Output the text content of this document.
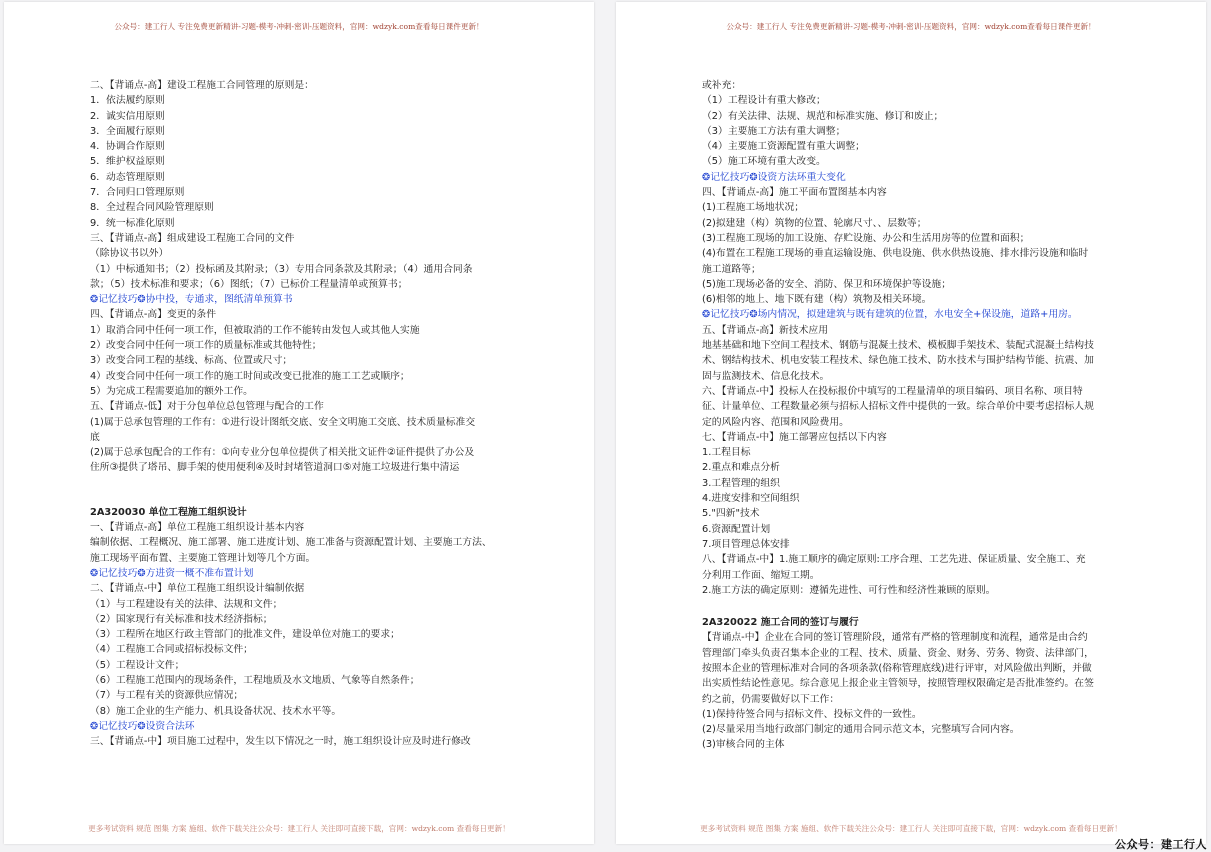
公众号：建工行人 专注免费更新精讲-习题-模考-冲刺-密训-压题资料，官网：wdzyk.com查看每日课件更新！
二、【背诵点-高】建设工程施工合同管理的原则是：
1．依法履约原则
2．诚实信用原则
3．全面履行原则
4．协调合作原则
5．维护权益原则
6．动态管理原则
7．合同归口管理原则
8．全过程合同风险管理原则
9．统一标准化原则
三、【背诵点-高】组成建设工程施工合同的文件
（除协议书以外）
（1）中标通知书；（2）投标函及其附录；（3）专用合同条款及其附录；（4）通用合同条
款；（5）技术标准和要求；（6）图纸；（7）已标价工程量清单或预算书；
❂记忆技巧❂协中投，专通求，图纸清单预算书
四、【背诵点-高】变更的条件
1）取消合同中任何一项工作，但被取消的工作不能转由发包人或其他人实施
2）改变合同中任何一项工作的质量标准或其他特性；
3）改变合同工程的基线、标高、位置或尺寸；
4）改变合同中任何一项工作的施工时间或改变已批准的施工工艺或顺序；
5）为完成工程需要追加的额外工作。
五、【背诵点-低】对于分包单位总包管理与配合的工作
(1)属于总承包管理的工作有：①进行设计图纸交底、安全文明施工交底、技术质量标准交
底
(2)属于总承包配合的工作有：①向专业分包单位提供了相关批文证件②证件提供了办公及
住所③提供了塔吊、脚手架的使用便利④及时封堵管道洞口⑤对施工垃圾进行集中清运
2A320030 单位工程施工组织设计
一、【背诵点-高】单位工程施工组织设计基本内容
编制依据、工程概况、施工部署、施工进度计划、施工准备与资源配置计划、主要施工方法、
施工现场平面布置、主要施工管理计划等几个方面。
❂记忆技巧❂方进资一概不准布置计划
二、【背诵点-中】单位工程施工组织设计编制依据
（1）与工程建设有关的法律、法规和文件；
（2）国家现行有关标准和技术经济指标；
（3）工程所在地区行政主管部门的批准文件，建设单位对施工的要求；
（4）工程施工合同或招标投标文件；
（5）工程设计文件；
（6）工程施工范围内的现场条件，工程地质及水文地质、气象等自然条件；
（7）与工程有关的资源供应情况；
（8）施工企业的生产能力、机具设备状况、技术水平等。
❂记忆技巧❂设资合法环
三、【背诵点-中】项目施工过程中，发生以下情况之一时，施工组织设计应及时进行修改
更多考试资料 规范 图集 方案 施组、软件下载关注公众号：建工行人 关注即可直接下载，官网：wdzyk.com 查看每日更新！
公众号：建工行人 专注免费更新精讲-习题-模考-冲刺-密训-压题资料，官网：wdzyk.com查看每日课件更新！
或补充：
（1）工程设计有重大修改；
（2）有关法律、法规、规范和标准实施、修订和废止；
（3）主要施工方法有重大调整；
（4）主要施工资源配置有重大调整；
（5）施工环境有重大改变。
❂记忆技巧❂设资方法环重大变化
四、【背诵点-高】施工平面布置图基本内容
(1)工程施工场地状况；
(2)拟建建（构）筑物的位置、轮廓尺寸、、层数等；
(3)工程施工现场的加工设施、存贮设施、办公和生活用房等的位置和面积；
(4)布置在工程施工现场的垂直运输设施、供电设施、供水供热设施、排水排污设施和临时
施工道路等；
(5)施工现场必备的安全、消防、保卫和环境保护等设施；
(6)相邻的地上、地下既有建（构）筑物及相关环境。
❂记忆技巧❂场内情况，拟建建筑与既有建筑的位置，水电安全+保设施，道路+用房。
五、【背诵点-高】新技术应用
地基基础和地下空间工程技术、钢筋与混凝土技术、模板脚手架技术、装配式混凝土结构技
术、钢结构技术、机电安装工程技术、绿色施工技术、防水技术与围护结构节能、抗震、加
固与监测技术、信息化技术。
六、【背诵点-中】投标人在投标报价中填写的工程量清单的项目编码、项目名称、项目特
征、计量单位、工程数量必须与招标人招标文件中提供的一致。综合单价中要考虑招标人规
定的风险内容、范围和风险费用。
七、【背诵点-中】施工部署应包括以下内容
1.工程目标
2.重点和难点分析
3.工程管理的组织
4.进度安排和空间组织
5."四新"技术
6.资源配置计划
7.项目管理总体安排
八、【背诵点-中】1.施工顺序的确定原则:工序合理、工艺先进、保证质量、安全施工、充
分利用工作面、缩短工期。
2.施工方法的确定原则：遵循先进性、可行性和经济性兼顾的原则。
2A320022 施工合同的签订与履行
【背诵点-中】企业在合同的签订管理阶段，通常有严格的管理制度和流程，通常是由合约
管理部门牵头负责召集本企业的工程、技术、质量、资金、财务、劳务、物资、法律部门，
按照本企业的管理标准对合同的各项条款(俗称管理底线)进行评审，对风险做出判断，并做
出实质性结论性意见。综合意见上报企业主管领导，按照管理权限确定是否批准签约。在签
约之前，仍需要做好以下工作：
(1)保持待签合同与招标文件、投标文件的一致性。
(2)尽量采用当地行政部门制定的通用合同示范文本，完整填写合同内容。
(3)审核合同的主体
更多考试资料 规范 图集 方案 施组、软件下载关注公众号：建工行人 关注即可直接下载，官网：wdzyk.com 查看每日更新！
公众号：建工行人
